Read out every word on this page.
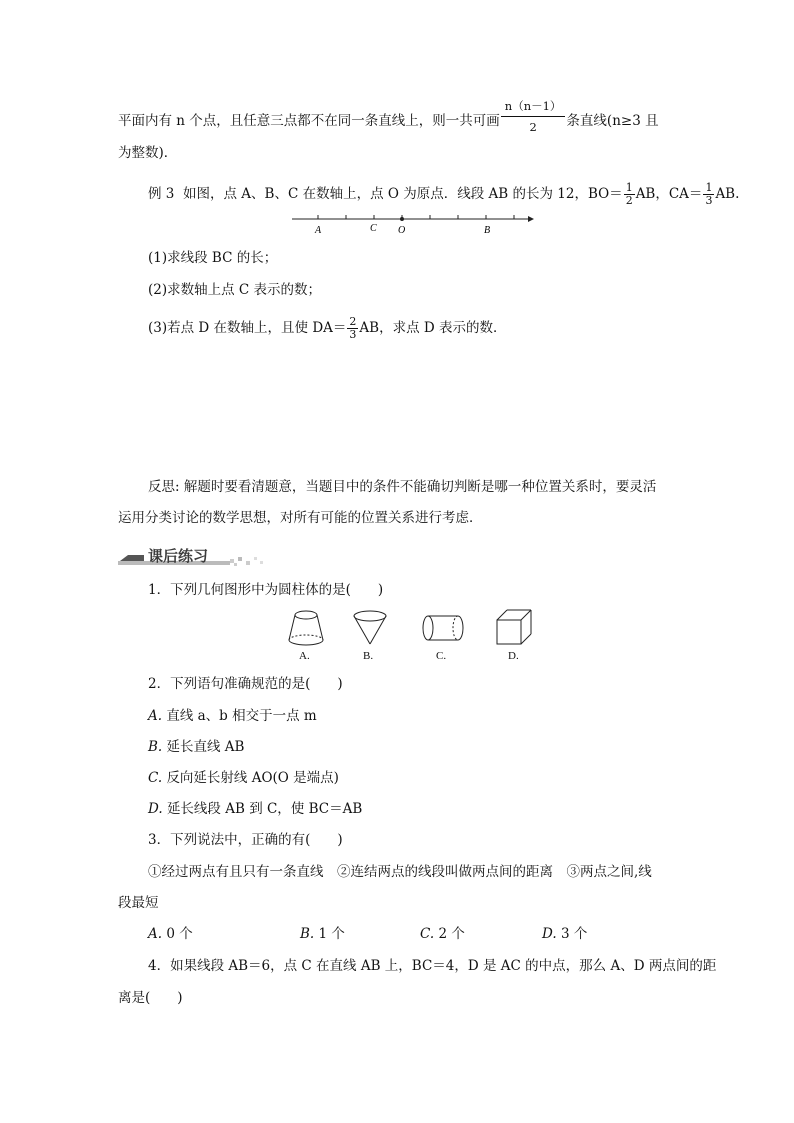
平面内有 n 个点，且任意三点都不在同一条直线上，则一共可画 $\frac{n(n-1)}{2}$ 条直线(n≥3 且
为整数)．
例 3 如图，点 A、B、C 在数轴上，点 O 为原点．线段 AB 的长为 12，$BO= \frac{1}{2}$ AB，$CA= \frac{1}{3}$ AB.
A	C O	B
(1)求线段 BC 的长；
(2)求数轴上点 C 表示的数；
(3)若点 D 在数轴上，且使 $DA= \frac{2}{3}$ AB，求点 D 表示的数．
反思: 解题时要看清题意，当题目中的条件不能确切判断是哪一种位置关系时，要灵活
运用分类讨论的数学思想，对所有可能的位置关系进行考虑．
课后练习
1．下列几何图形中为圆柱体的是(　　)
A.	B.	C.	D.
2．下列语句准确规范的是(　　)
A. 直线 a、b 相交于一点 m
B. 延长直线 AB
C. 反向延长射线 AO(O 是端点)
D. 延长线段 AB 到 C，使 BC＝AB
3．下列说法中，正确的有(　　)
①经过两点有且只有一条直线　②连结两点的线段叫做两点间的距离　③两点之间,线
段最短
A. 0 个	B. 1 个	C. 2 个	D. 3 个
4．如果线段 AB＝6，点 C 在直线 AB 上，BC＝4，D 是 AC 的中点，那么 A、D 两点间的距
离是(　　)
